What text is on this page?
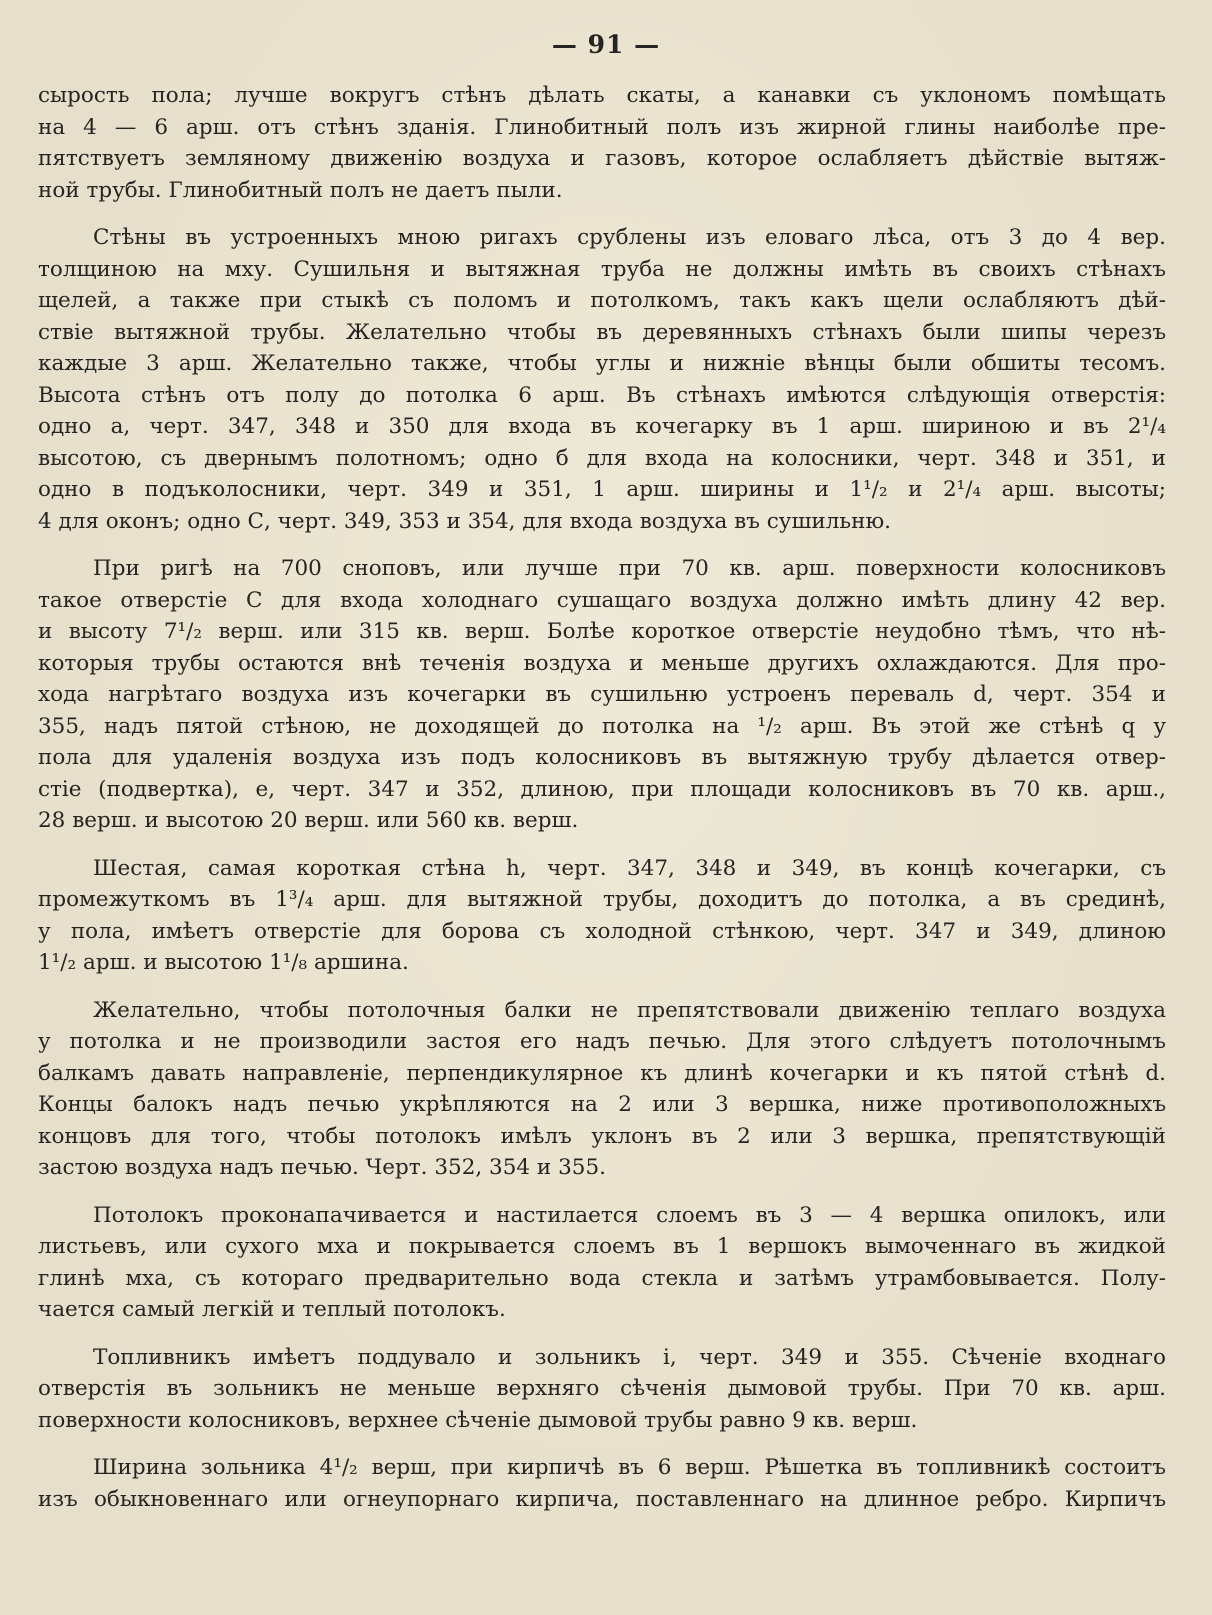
— 91 —
сырость пола; лучше вокругъ стѣнъ дѣлать скаты, а канавки съ уклономъ помѣщать
на 4 — 6 арш. отъ стѣнъ зданія. Глинобитный полъ изъ жирной глины наиболѣе пре-
пятствуетъ земляному движенію воздуха и газовъ, которое ослабляетъ дѣйствіе вытяж-
ной трубы. Глинобитный полъ не даетъ пыли.
Стѣны въ устроенныхъ мною ригахъ срублены изъ еловаго лѣса, отъ 3 до 4 вер.
толщиною на мху. Сушильня и вытяжная труба не должны имѣть въ своихъ стѣнахъ
щелей, а также при стыкѣ съ поломъ и потолкомъ, такъ какъ щели ослабляютъ дѣй-
ствіе вытяжной трубы. Желательно чтобы въ деревянныхъ стѣнахъ были шипы черезъ
каждые 3 арш. Желательно также, чтобы углы и нижніе вѣнцы были обшиты тесомъ.
Высота стѣнъ отъ полу до потолка 6 арш. Въ стѣнахъ имѣются слѣдующія отверстія:
одно а, черт. 347, 348 и 350 для входа въ кочегарку въ 1 арш. шириною и въ 2¹/₄
высотою, съ двернымъ полотномъ; одно б для входа на колосники, черт. 348 и 351, и
одно в подъколосники, черт. 349 и 351, 1 арш. ширины и 1¹/₂ и 2¹/₄ арш. высоты;
4 для оконъ; одно С, черт. 349, 353 и 354, для входа воздуха въ сушильню.
При ригѣ на 700 сноповъ, или лучше при 70 кв. арш. поверхности колосниковъ
такое отверстіе С для входа холоднаго сушащаго воздуха должно имѣть длину 42 вер.
и высоту 7¹/₂ верш. или 315 кв. верш. Болѣе короткое отверстіе неудобно тѣмъ, что нѣ-
которыя трубы остаются внѣ теченія воздуха и меньше другихъ охлаждаются. Для про-
хода нагрѣтаго воздуха изъ кочегарки въ сушильню устроенъ переваль d, черт. 354 и
355, надъ пятой стѣною, не доходящей до потолка на ¹/₂ арш. Въ этой же стѣнѣ q у
пола для удаленія воздуха изъ подъ колосниковъ въ вытяжную трубу дѣлается отвер-
стіе (подвертка), е, черт. 347 и 352, длиною, при площади колосниковъ въ 70 кв. арш.,
28 верш. и высотою 20 верш. или 560 кв. верш.
Шестая, самая короткая стѣна h, черт. 347, 348 и 349, въ концѣ кочегарки, съ
промежуткомъ въ 1³/₄ арш. для вытяжной трубы, доходитъ до потолка, а въ срединѣ,
у пола, имѣетъ отверстіе для борова съ холодной стѣнкою, черт. 347 и 349, длиною
1¹/₂ арш. и высотою 1¹/₈ аршина.
Желательно, чтобы потолочныя балки не препятствовали движенію теплаго воздуха
у потолка и не производили застоя его надъ печью. Для этого слѣдуетъ потолочнымъ
балкамъ давать направленіе, перпендикулярное къ длинѣ кочегарки и къ пятой стѣнѣ d.
Концы балокъ надъ печью укрѣпляются на 2 или 3 вершка, ниже противоположныхъ
концовъ для того, чтобы потолокъ имѣлъ уклонъ въ 2 или 3 вершка, препятствующій
застою воздуха надъ печью. Черт. 352, 354 и 355.
Потолокъ проконапачивается и настилается слоемъ въ 3 — 4 вершка опилокъ, или
листьевъ, или сухого мха и покрывается слоемъ въ 1 вершокъ вымоченнаго въ жидкой
глинѣ мха, съ котораго предварительно вода стекла и затѣмъ утрамбовывается. Полу-
чается самый легкій и теплый потолокъ.
Топливникъ имѣетъ поддувало и зольникъ і, черт. 349 и 355. Сѣченіе входнаго
отверстія въ зольникъ не меньше верхняго сѣченія дымовой трубы. При 70 кв. арш.
поверхности колосниковъ, верхнее сѣченіе дымовой трубы равно 9 кв. верш.
Ширина зольника 4¹/₂ верш, при кирпичѣ въ 6 верш. Рѣшетка въ топливникѣ состоитъ
изъ обыкновеннаго или огнеупорнаго кирпича, поставленнаго на длинное ребро. Кирпичъ
